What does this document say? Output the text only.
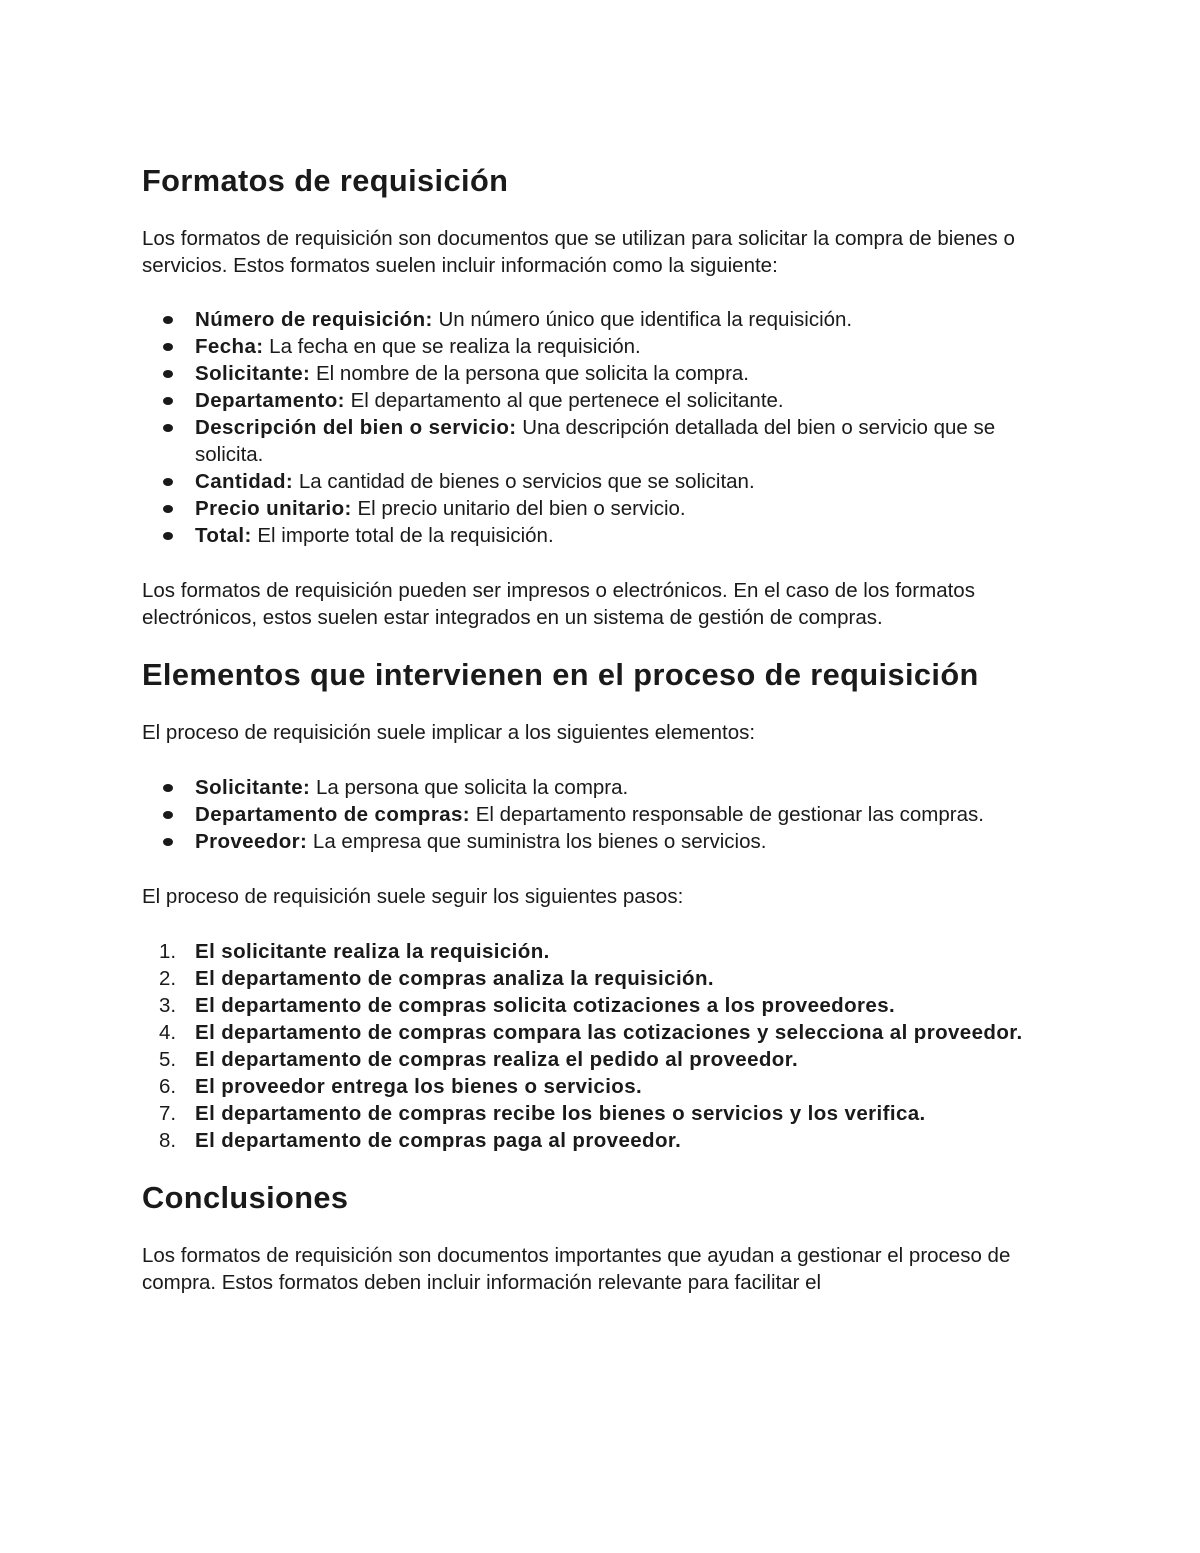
Formatos de requisición

Los formatos de requisición son documentos que se utilizan para solicitar la compra de bienes o servicios. Estos formatos suelen incluir información como la siguiente:

Número de requisición: Un número único que identifica la requisición.
Fecha: La fecha en que se realiza la requisición.
Solicitante: El nombre de la persona que solicita la compra.
Departamento: El departamento al que pertenece el solicitante.
Descripción del bien o servicio: Una descripción detallada del bien o servicio que se solicita.
Cantidad: La cantidad de bienes o servicios que se solicitan.
Precio unitario: El precio unitario del bien o servicio.
Total: El importe total de la requisición.

Los formatos de requisición pueden ser impresos o electrónicos. En el caso de los formatos electrónicos, estos suelen estar integrados en un sistema de gestión de compras.

Elementos que intervienen en el proceso de requisición

El proceso de requisición suele implicar a los siguientes elementos:

Solicitante: La persona que solicita la compra.
Departamento de compras: El departamento responsable de gestionar las compras.
Proveedor: La empresa que suministra los bienes o servicios.

El proceso de requisición suele seguir los siguientes pasos:

1. El solicitante realiza la requisición.
2. El departamento de compras analiza la requisición.
3. El departamento de compras solicita cotizaciones a los proveedores.
4. El departamento de compras compara las cotizaciones y selecciona al proveedor.
5. El departamento de compras realiza el pedido al proveedor.
6. El proveedor entrega los bienes o servicios.
7. El departamento de compras recibe los bienes o servicios y los verifica.
8. El departamento de compras paga al proveedor.
Conclusiones

Los formatos de requisición son documentos importantes que ayudan a gestionar el proceso de compra. Estos formatos deben incluir información relevante para facilitar el
